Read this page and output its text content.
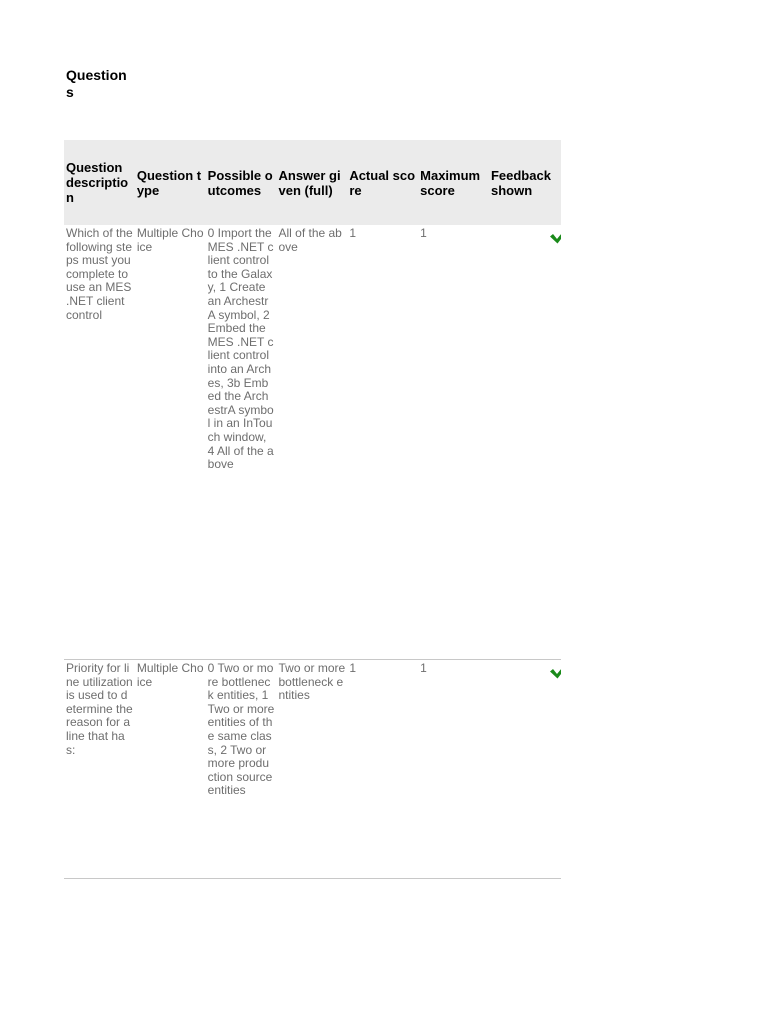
Questions
Question description	Question type	Possible outcomes	Answer given (full)	Actual score	Maximum score	Feedback shown
Which of the following steps must you complete to use an MES .NET client control	Multiple Choice	0 Import the MES .NET client control to the Galaxy, 1 Create an ArchestrA symbol, 2 Embed the MES .NET client control into an Arches, 3b Embed the ArchestrA symbol in an InTouch window, 4 All of the above	All of the above	1	1	
Priority for line utilization is used to determine the reason for a line that has:	Multiple Choice	0 Two or more bottleneck entities, 1 Two or more entities of the same class, 2 Two or more production source entities	Two or more bottleneck entities	1	1	
